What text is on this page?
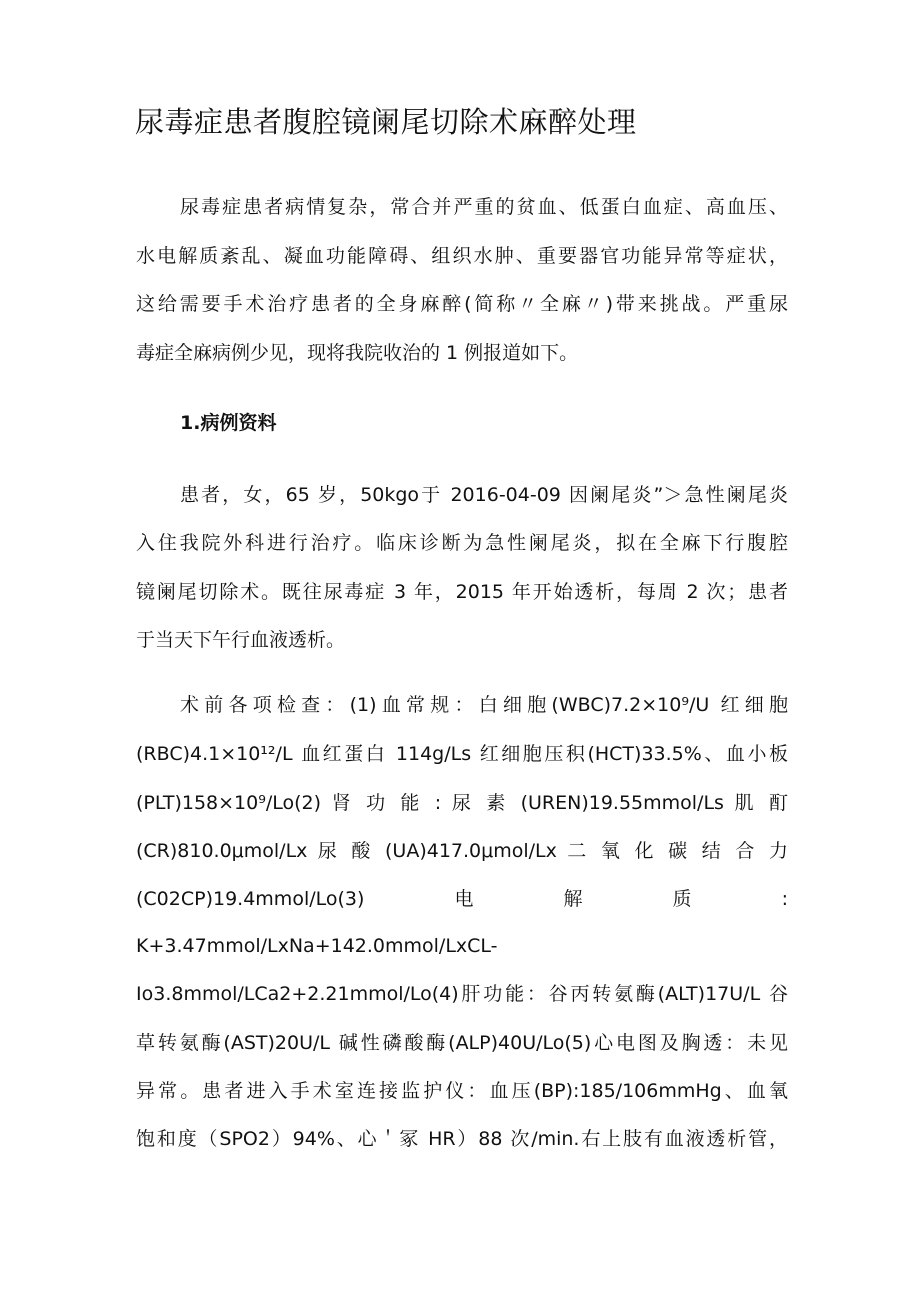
尿毒症患者腹腔镜阑尾切除术麻醉处理
尿毒症患者病情复杂，常合并严重的贫血、低蛋白血症、高血压、
水电解质紊乱、凝血功能障碍、组织水肿、重要器官功能异常等症状，
这给需要手术治疗患者的全身麻醉(简称〃全麻〃)带来挑战。严重尿
毒症全麻病例少见，现将我院收治的 1 例报道如下。
1.病例资料
患者，女，65 岁，50kgo于 2016-04-09 因阑尾炎”＞急性阑尾炎
入住我院外科进行治疗。临床诊断为急性阑尾炎，拟在全麻下行腹腔
镜阑尾切除术。既往尿毒症 3 年，2015 年开始透析，每周 2 次；患者
于当天下午行血液透析。
术前各项检查：(1)血常规：白细胞(WBC)7.2×10⁹/U 红细胞
(RBC)4.1×10¹²/L 血红蛋白 114g/Ls 红细胞压积(HCT)33.5%、血小板
(PLT)158×10⁹/Lo(2) 肾 功 能 : 尿 素 (UREN)19.55mmol/Ls 肌 酊
(CR)810.0μmol/Lx 尿 酸 (UA)417.0μmol/Lx 二 氧 化 碳 结 合 力
(C02CP)19.4mmol/Lo(3)　　电　　解　　质　　:
K+3.47mmol/LxNa+142.0mmol/LxCL-
Io3.8mmol/LCa2+2.21mmol/Lo(4)肝功能：谷丙转氨酶(ALT)17U/L 谷
草转氨酶(AST)20U/L 碱性磷酸酶(ALP)40U/Lo(5)心电图及胸透：未见
异常。患者进入手术室连接监护仪：血压(BP):185/106mmHg、血氧
饱和度（SPO2）94%、心＇冢 HR）88 次/min.右上肢有血液透析管，
